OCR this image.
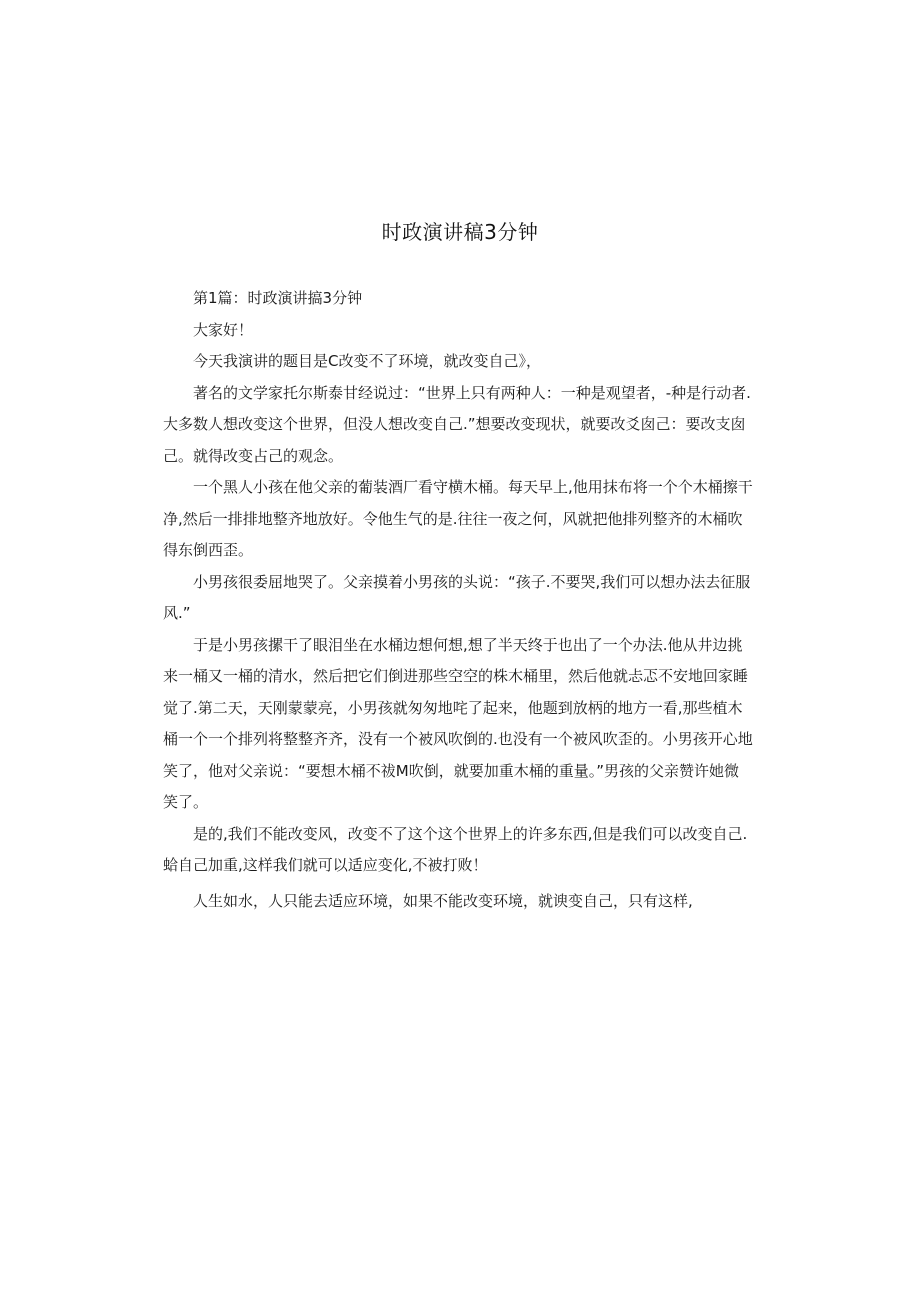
时政演讲稿3分钟

第1篇：时政演讲搞3分钟

大家好！

今天我演讲的题目是C改变不了环境，就改变自己》，

著名的文学家托尔斯泰甘经说过：“世界上只有两种人：一种是观望者，-种是行动者.大多数人想改变这个世界，但没人想改变自己.”想要改变现状，就要改爻囱己：要改支囱己。就得改变占己的观念。

一个黑人小孩在他父亲的葡装酒厂看守横木桶。每天早上,他用抹布将一个个木桶擦干净,然后一排排地整齐地放好。令他生气的是.往往一夜之何，风就把他排列整齐的木桶吹得东倒西歪。

小男孩很委屈地哭了。父亲摸着小男孩的头说：“孩子.不要哭,我们可以想办法去征服风.”

于是小男孩摞干了眼泪坐在水桶边想何想,想了半天终于也出了一个办法.他从井边挑来一桶又一桶的清水，然后把它们倒进那些空空的株木桶里，然后他就忐忑不安地回家睡觉了.第二天，天刚蒙蒙亮，小男孩就匆匆地咤了起来，他题到放柄的地方一看,那些植木桶一个一个排列将整整齐齐，没有一个被风吹倒的.也没有一个被风吹歪的。小男孩开心地笑了，他对父亲说：“要想木桶不祓M吹倒，就要加重木桶的重量。”男孩的父亲赞许她微笑了。

是的,我们不能改变风，改变不了这个这个世界上的许多东西,但是我们可以改变自己.蛤自己加重,这样我们就可以适应变化,不被打败！

人生如水，人只能去适应环境，如果不能改变环境，就谀变自己，只有这样,
